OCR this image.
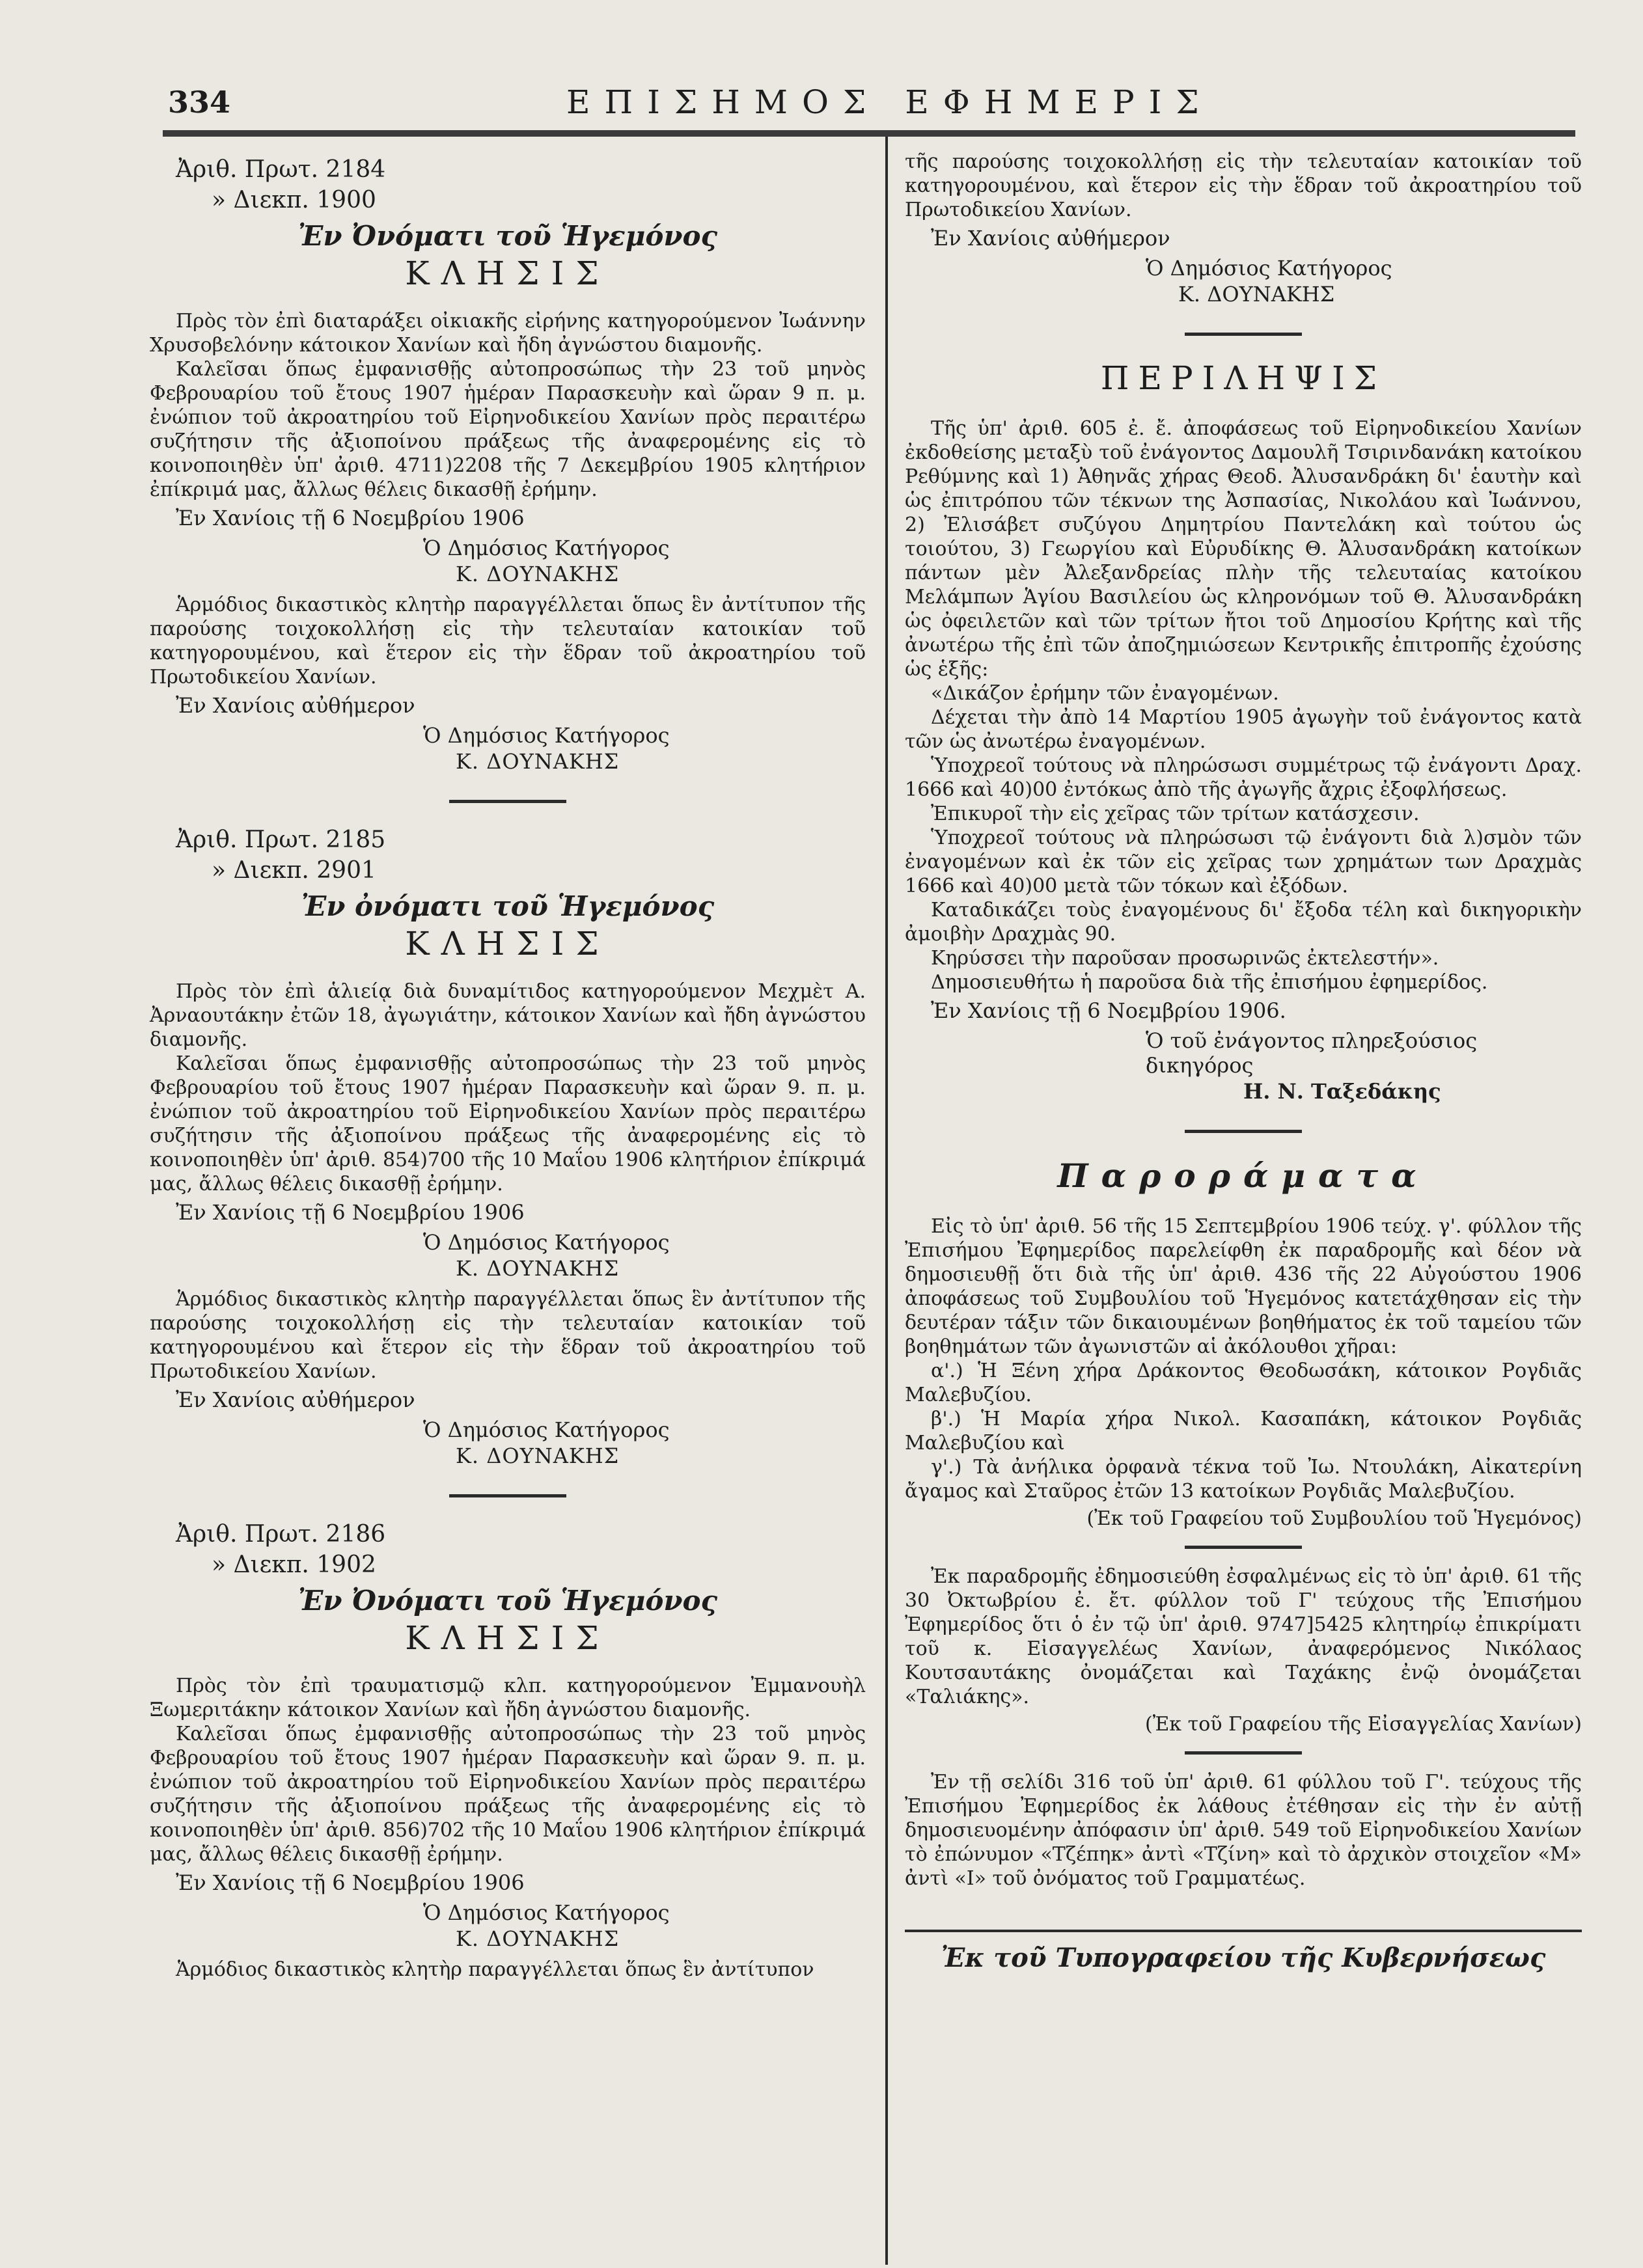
334	ΕΠΙΣΗΜΟΣ ΕΦΗΜΕΡΙΣ
Ἀριθ. Πρωτ. 2184
» Διεκπ. 1900
Ἐν Ὀνόματι τοῦ Ἡγεμόνος
ΚΛΗΣΙΣ

Πρὸς τὸν ἐπὶ διαταράξει οἰκιακῆς εἰρήνης κατηγορούμενον Ἰωάννην Χρυσοβελόνην κάτοικον Χανίων καὶ ἤδη ἀγνώστου διαμονῆς.

Καλεῖσαι ὅπως ἐμφανισθῇς αὐτοπροσώπως τὴν 23 τοῦ μηνὸς Φεβρουαρίου τοῦ ἔτους 1907 ἡμέραν Παρασκευὴν καὶ ὥραν 9 π. μ. ἐνώπιον τοῦ ἀκροατηρίου τοῦ Εἰρηνοδικείου Χανίων πρὸς περαιτέρω συζήτησιν τῆς ἀξιοποίνου πράξεως τῆς ἀναφερομένης εἰς τὸ κοινοποιηθὲν ὑπ' ἀριθ. 4711)2208 τῆς 7 Δεκεμβρίου 1905 κλητήριον ἐπίκριμά μας, ἄλλως θέλεις δικασθῇ ἐρήμην.

Ἐν Χανίοις τῇ 6 Νοεμβρίου 1906
Ὁ Δημόσιος Κατήγορος
Κ. ΔΟΥΝΑΚΗΣ

Ἁρμόδιος δικαστικὸς κλητὴρ παραγγέλλεται ὅπως ἓν ἀντίτυπον τῆς παρούσης τοιχοκολλήσῃ εἰς τὴν τελευταίαν κατοικίαν τοῦ κατηγορουμένου, καὶ ἕτερον εἰς τὴν ἕδραν τοῦ ἀκροατηρίου τοῦ Πρωτοδικείου Χανίων.

Ἐν Χανίοις αὐθήμερον
Ὁ Δημόσιος Κατήγορος
Κ. ΔΟΥΝΑΚΗΣ
Ἀριθ. Πρωτ. 2185
» Διεκπ. 2901
Ἐν ὀνόματι τοῦ Ἡγεμόνος
ΚΛΗΣΙΣ

Πρὸς τὸν ἐπὶ ἁλιείᾳ διὰ δυναμίτιδος κατηγορούμενον Μεχμὲτ Α. Ἀρναουτάκην ἐτῶν 18, ἀγωγιάτην, κάτοικον Χανίων καὶ ἤδη ἀγνώστου διαμονῆς.

Καλεῖσαι ὅπως ἐμφανισθῇς αὐτοπροσώπως τὴν 23 τοῦ μηνὸς Φεβρουαρίου τοῦ ἔτους 1907 ἡμέραν Παρασκευὴν καὶ ὥραν 9. π. μ. ἐνώπιον τοῦ ἀκροατηρίου τοῦ Εἰρηνοδικείου Χανίων πρὸς περαιτέρω συζήτησιν τῆς ἀξιοποίνου πράξεως τῆς ἀναφερομένης εἰς τὸ κοινοποιηθὲν ὑπ' ἀριθ. 854)700 τῆς 10 Μαΐου 1906 κλητήριον ἐπίκριμά μας, ἄλλως θέλεις δικασθῇ ἐρήμην.

Ἐν Χανίοις τῇ 6 Νοεμβρίου 1906
Ὁ Δημόσιος Κατήγορος
Κ. ΔΟΥΝΑΚΗΣ

Ἁρμόδιος δικαστικὸς κλητὴρ παραγγέλλεται ὅπως ἓν ἀντίτυπον τῆς παρούσης τοιχοκολλήσῃ εἰς τὴν τελευταίαν κατοικίαν τοῦ κατηγορουμένου καὶ ἕτερον εἰς τὴν ἕδραν τοῦ ἀκροατηρίου τοῦ Πρωτοδικείου Χανίων.

Ἐν Χανίοις αὐθήμερον
Ὁ Δημόσιος Κατήγορος
Κ. ΔΟΥΝΑΚΗΣ
Ἀριθ. Πρωτ. 2186
» Διεκπ. 1902
Ἐν Ὀνόματι τοῦ Ἡγεμόνος
ΚΛΗΣΙΣ

Πρὸς τὸν ἐπὶ τραυματισμῷ κλπ. κατηγορούμενον Ἐμμανουὴλ Ξωμεριτάκην κάτοικον Χανίων καὶ ἤδη ἀγνώστου διαμονῆς.

Καλεῖσαι ὅπως ἐμφανισθῇς αὐτοπροσώπως τὴν 23 τοῦ μηνὸς Φεβρουαρίου τοῦ ἔτους 1907 ἡμέραν Παρασκευὴν καὶ ὥραν 9. π. μ. ἐνώπιον τοῦ ἀκροατηρίου τοῦ Εἰρηνοδικείου Χανίων πρὸς περαιτέρω συζήτησιν τῆς ἀξιοποίνου πράξεως τῆς ἀναφερομένης εἰς τὸ κοινοποιηθὲν ὑπ' ἀριθ. 856)702 τῆς 10 Μαΐου 1906 κλητήριον ἐπίκριμά μας, ἄλλως θέλεις δικασθῇ ἐρήμην.

Ἐν Χανίοις τῇ 6 Νοεμβρίου 1906
Ὁ Δημόσιος Κατήγορος
Κ. ΔΟΥΝΑΚΗΣ

Ἁρμόδιος δικαστικὸς κλητὴρ παραγγέλλεται ὅπως ἓν ἀντίτυπον

τῆς παρούσης τοιχοκολλήσῃ εἰς τὴν τελευταίαν κατοικίαν τοῦ κατηγορουμένου, καὶ ἕτερον εἰς τὴν ἕδραν τοῦ ἀκροατηρίου τοῦ Πρωτοδικείου Χανίων.

Ἐν Χανίοις αὐθήμερον
Ὁ Δημόσιος Κατήγορος
Κ. ΔΟΥΝΑΚΗΣ
ΠΕΡΙΛΗΨΙΣ

Τῆς ὑπ' ἀριθ. 605 ἐ. ἔ. ἀποφάσεως τοῦ Εἰρηνοδικείου Χανίων ἐκδοθείσης μεταξὺ τοῦ ἐνάγοντος Δαμουλῆ Τσιρινδανάκη κατοίκου Ρεθύμνης καὶ 1) Ἀθηνᾶς χήρας Θεοδ. Ἀλυσανδράκη δι' ἑαυτὴν καὶ ὡς ἐπιτρόπου τῶν τέκνων της Ἀσπασίας, Νικολάου καὶ Ἰωάννου, 2) Ἐλισάβετ συζύγου Δημητρίου Παντελάκη καὶ τούτου ὡς τοιούτου, 3) Γεωργίου καὶ Εὐρυδίκης Θ. Ἀλυσανδράκη κατοίκων πάντων μὲν Ἀλεξανδρείας πλὴν τῆς τελευταίας κατοίκου Μελάμπων Ἁγίου Βασιλείου ὡς κληρονόμων τοῦ Θ. Ἀλυσανδράκη ὡς ὀφειλετῶν καὶ τῶν τρίτων ἤτοι τοῦ Δημοσίου Κρήτης καὶ τῆς ἀνωτέρω τῆς ἐπὶ τῶν ἀποζημιώσεων Κεντρικῆς ἐπιτροπῆς ἐχούσης ὡς ἑξῆς:

«Δικάζον ἐρήμην τῶν ἐναγομένων.

Δέχεται τὴν ἀπὸ 14 Μαρτίου 1905 ἀγωγὴν τοῦ ἐνάγοντος κατὰ τῶν ὡς ἀνωτέρω ἐναγομένων.

Ὑποχρεοῖ τούτους νὰ πληρώσωσι συμμέτρως τῷ ἐνάγοντι Δραχ. 1666 καὶ 40)00 ἐντόκως ἀπὸ τῆς ἀγωγῆς ἄχρις ἐξοφλήσεως.

Ἐπικυροῖ τὴν εἰς χεῖρας τῶν τρίτων κατάσχεσιν.

Ὑποχρεοῖ τούτους νὰ πληρώσωσι τῷ ἐνάγοντι διὰ λ)σμὸν τῶν ἐναγομένων καὶ ἐκ τῶν εἰς χεῖρας των χρημάτων των Δραχμὰς 1666 καὶ 40)00 μετὰ τῶν τόκων καὶ ἐξόδων.

Καταδικάζει τοὺς ἐναγομένους δι' ἔξοδα τέλη καὶ δικηγορικὴν ἀμοιβὴν Δραχμὰς 90.

Κηρύσσει τὴν παροῦσαν προσωρινῶς ἐκτελεστήν».

Δημοσιευθήτω ἡ παροῦσα διὰ τῆς ἐπισήμου ἐφημερίδος.

Ἐν Χανίοις τῇ 6 Νοεμβρίου 1906.
Ὁ τοῦ ἐνάγοντος πληρεξούσιος δικηγόρος
Η. Ν. Ταξεδάκης
Παροράματα

Εἰς τὸ ὑπ' ἀριθ. 56 τῆς 15 Σεπτεμβρίου 1906 τεύχ. γ'. φύλλον τῆς Ἐπισήμου Ἐφημερίδος παρελείφθη ἐκ παραδρομῆς καὶ δέον νὰ δημοσιευθῇ ὅτι διὰ τῆς ὑπ' ἀριθ. 436 τῆς 22 Αὐγούστου 1906 ἀποφάσεως τοῦ Συμβουλίου τοῦ Ἡγεμόνος κατετάχθησαν εἰς τὴν δευτέραν τάξιν τῶν δικαιουμένων βοηθήματος ἐκ τοῦ ταμείου τῶν βοηθημάτων τῶν ἀγωνιστῶν αἱ ἀκόλουθοι χῆραι:

α'.) Ἡ Ξένη χήρα Δράκοντος Θεοδωσάκη, κάτοικον Ρογδιᾶς Μαλεβυζίου.

β'.) Ἡ Μαρία χήρα Νικολ. Κασαπάκη, κάτοικον Ρογδιᾶς Μαλεβυζίου καὶ

γ'.) Τὰ ἀνήλικα ὀρφανὰ τέκνα τοῦ Ἰω. Ντουλάκη, Αἰκατερίνη ἄγαμος καὶ Σταῦρος ἐτῶν 13 κατοίκων Ρογδιᾶς Μαλεβυζίου.

(Ἐκ τοῦ Γραφείου τοῦ Συμβουλίου τοῦ Ἡγεμόνος)

Ἐκ παραδρομῆς ἐδημοσιεύθη ἐσφαλμένως εἰς τὸ ὑπ' ἀριθ. 61 τῆς 30 Ὀκτωβρίου ἐ. ἔτ. φύλλον τοῦ Γ' τεύχους τῆς Ἐπισήμου Ἐφημερίδος ὅτι ὁ ἐν τῷ ὑπ' ἀριθ. 9747]5425 κλητηρίῳ ἐπικρίματι τοῦ κ. Εἰσαγγελέως Χανίων, ἀναφερόμενος Νικόλαος Κουτσαυτάκης ὀνομάζεται καὶ Ταχάκης ἐνῷ ὀνομάζεται «Ταλιάκης».

(Ἐκ τοῦ Γραφείου τῆς Εἰσαγγελίας Χανίων)

Ἐν τῇ σελίδι 316 τοῦ ὑπ' ἀριθ. 61 φύλλου τοῦ Γ'. τεύχους τῆς Ἐπισήμου Ἐφημερίδος ἐκ λάθους ἐτέθησαν εἰς τὴν ἐν αὐτῇ δημοσιευομένην ἀπόφασιν ὑπ' ἀριθ. 549 τοῦ Εἰρηνοδικείου Χανίων τὸ ἐπώνυμον «Τζέπηκ» ἀντὶ «Τζίνη» καὶ τὸ ἀρχικὸν στοιχεῖον «Μ» ἀντὶ «Ι» τοῦ ὀνόματος τοῦ Γραμματέως.

Ἐκ τοῦ Τυπογραφείου τῆς Κυβερνήσεως
